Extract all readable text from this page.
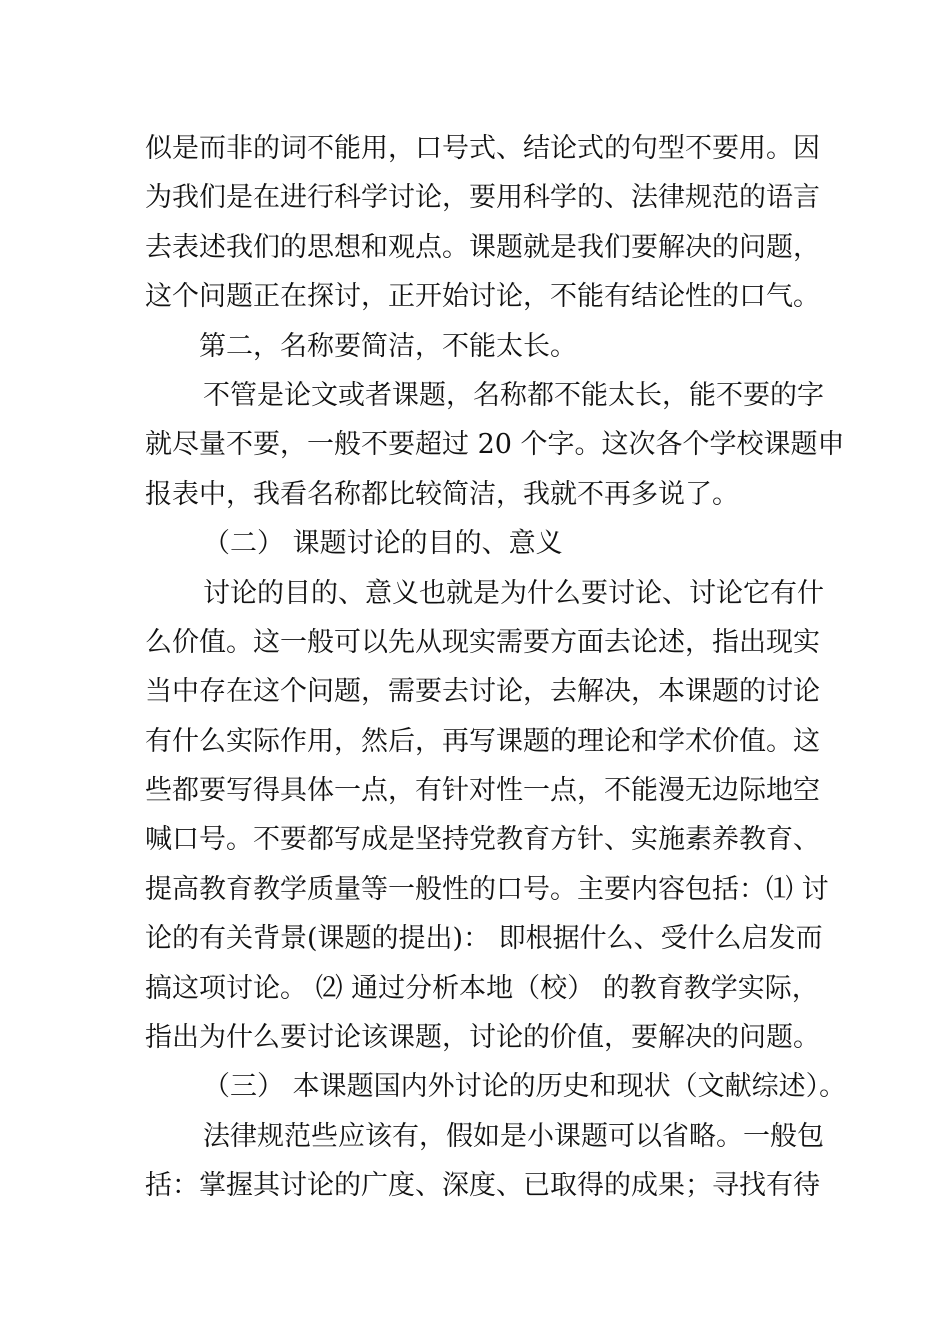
似是而非的词不能用，口号式、结论式的句型不要用。因
为我们是在进行科学讨论，要用科学的、法律规范的语言
去表述我们的思想和观点。课题就是我们要解决的问题，
这个问题正在探讨，正开始讨论，不能有结论性的口气。
第二，名称要简洁，不能太长。
不管是论文或者课题，名称都不能太长，能不要的字
就尽量不要，一般不要超过 20 个字。这次各个学校课题申
报表中，我看名称都比较简洁，我就不再多说了。
（二） 课题讨论的目的、意义
讨论的目的、意义也就是为什么要讨论、讨论它有什
么价值。这一般可以先从现实需要方面去论述，指出现实
当中存在这个问题，需要去讨论，去解决，本课题的讨论
有什么实际作用，然后，再写课题的理论和学术价值。这
些都要写得具体一点，有针对性一点，不能漫无边际地空
喊口号。不要都写成是坚持党教育方针、实施素养教育、
提高教育教学质量等一般性的口号。主要内容包括：⑴ 讨
论的有关背景(课题的提出)： 即根据什么、受什么启发而
搞这项讨论。 ⑵ 通过分析本地（校） 的教育教学实际，
指出为什么要讨论该课题，讨论的价值，要解决的问题。
（三） 本课题国内外讨论的历史和现状（文献综述）。
法律规范些应该有，假如是小课题可以省略。一般包
括：掌握其讨论的广度、深度、已取得的成果；寻找有待
